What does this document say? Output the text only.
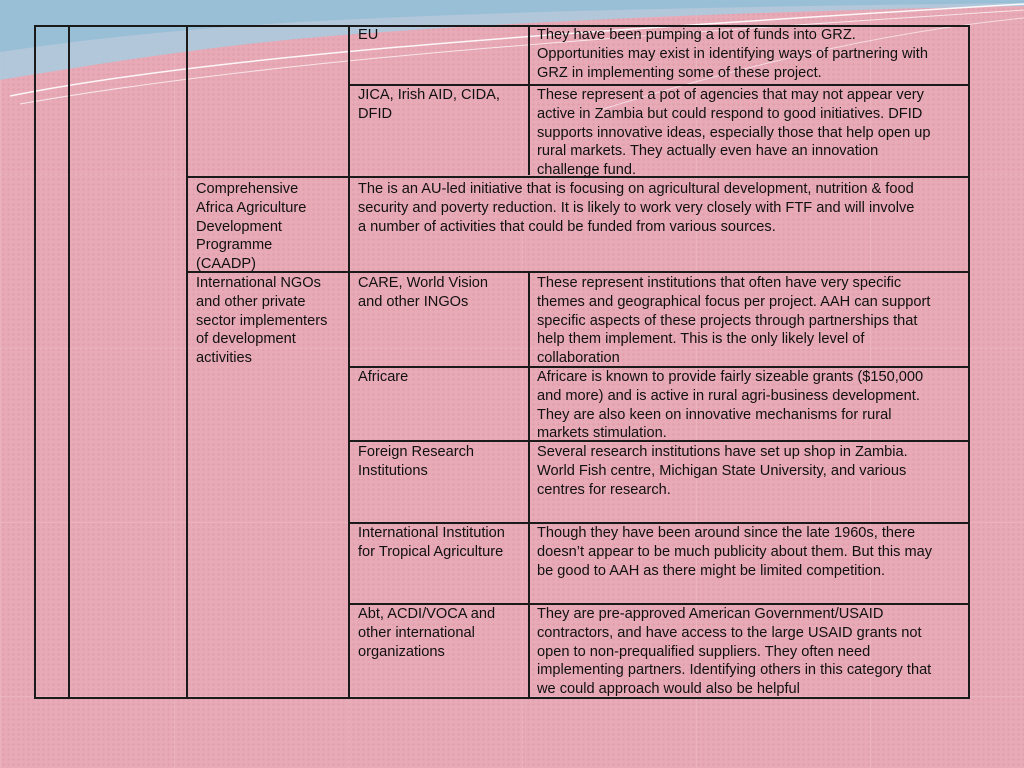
EU	They have been pumping a lot of funds into GRZ.
Opportunities may exist in identifying ways of partnering with
GRZ in implementing some of these project.
JICA, Irish AID, CIDA,
DFID
These represent a pot of agencies that may not appear very
active in Zambia but could respond to good initiatives. DFID
supports innovative ideas, especially those that help open up
rural markets. They actually even have an innovation
challenge fund.
Comprehensive
Africa Agriculture
Development
Programme
(CAADP)
The is an AU-led initiative that is focusing on agricultural development, nutrition & food
security and poverty reduction. It is likely to work very closely with FTF and will involve
a number of activities that could be funded from various sources.
International NGOs
and other private
sector implementers
of development
activities
CARE, World Vision
and other INGOs
These represent institutions that often have very specific
themes and geographical focus per project. AAH can support
specific aspects of these projects through partnerships that
help them implement. This is the only likely level of
collaboration
Africare	Africare is known to provide fairly sizeable grants ($150,000
and more) and is active in rural agri-business development.
They are also keen on innovative mechanisms for rural
markets stimulation.
Foreign Research
Institutions
Several research institutions have set up shop in Zambia.
World Fish centre, Michigan State University, and various
centres for research.
International Institution
for Tropical Agriculture
Though they have been around since the late 1960s, there
doesn’t appear to be much publicity about them. But this may
be good to AAH as there might be limited competition.
Abt, ACDI/VOCA and
other international
organizations
They are pre-approved American Government/USAID
contractors, and have access to the large USAID grants not
open to non-prequalified suppliers. They often need
implementing partners. Identifying others in this category that
we could approach would also be helpful
